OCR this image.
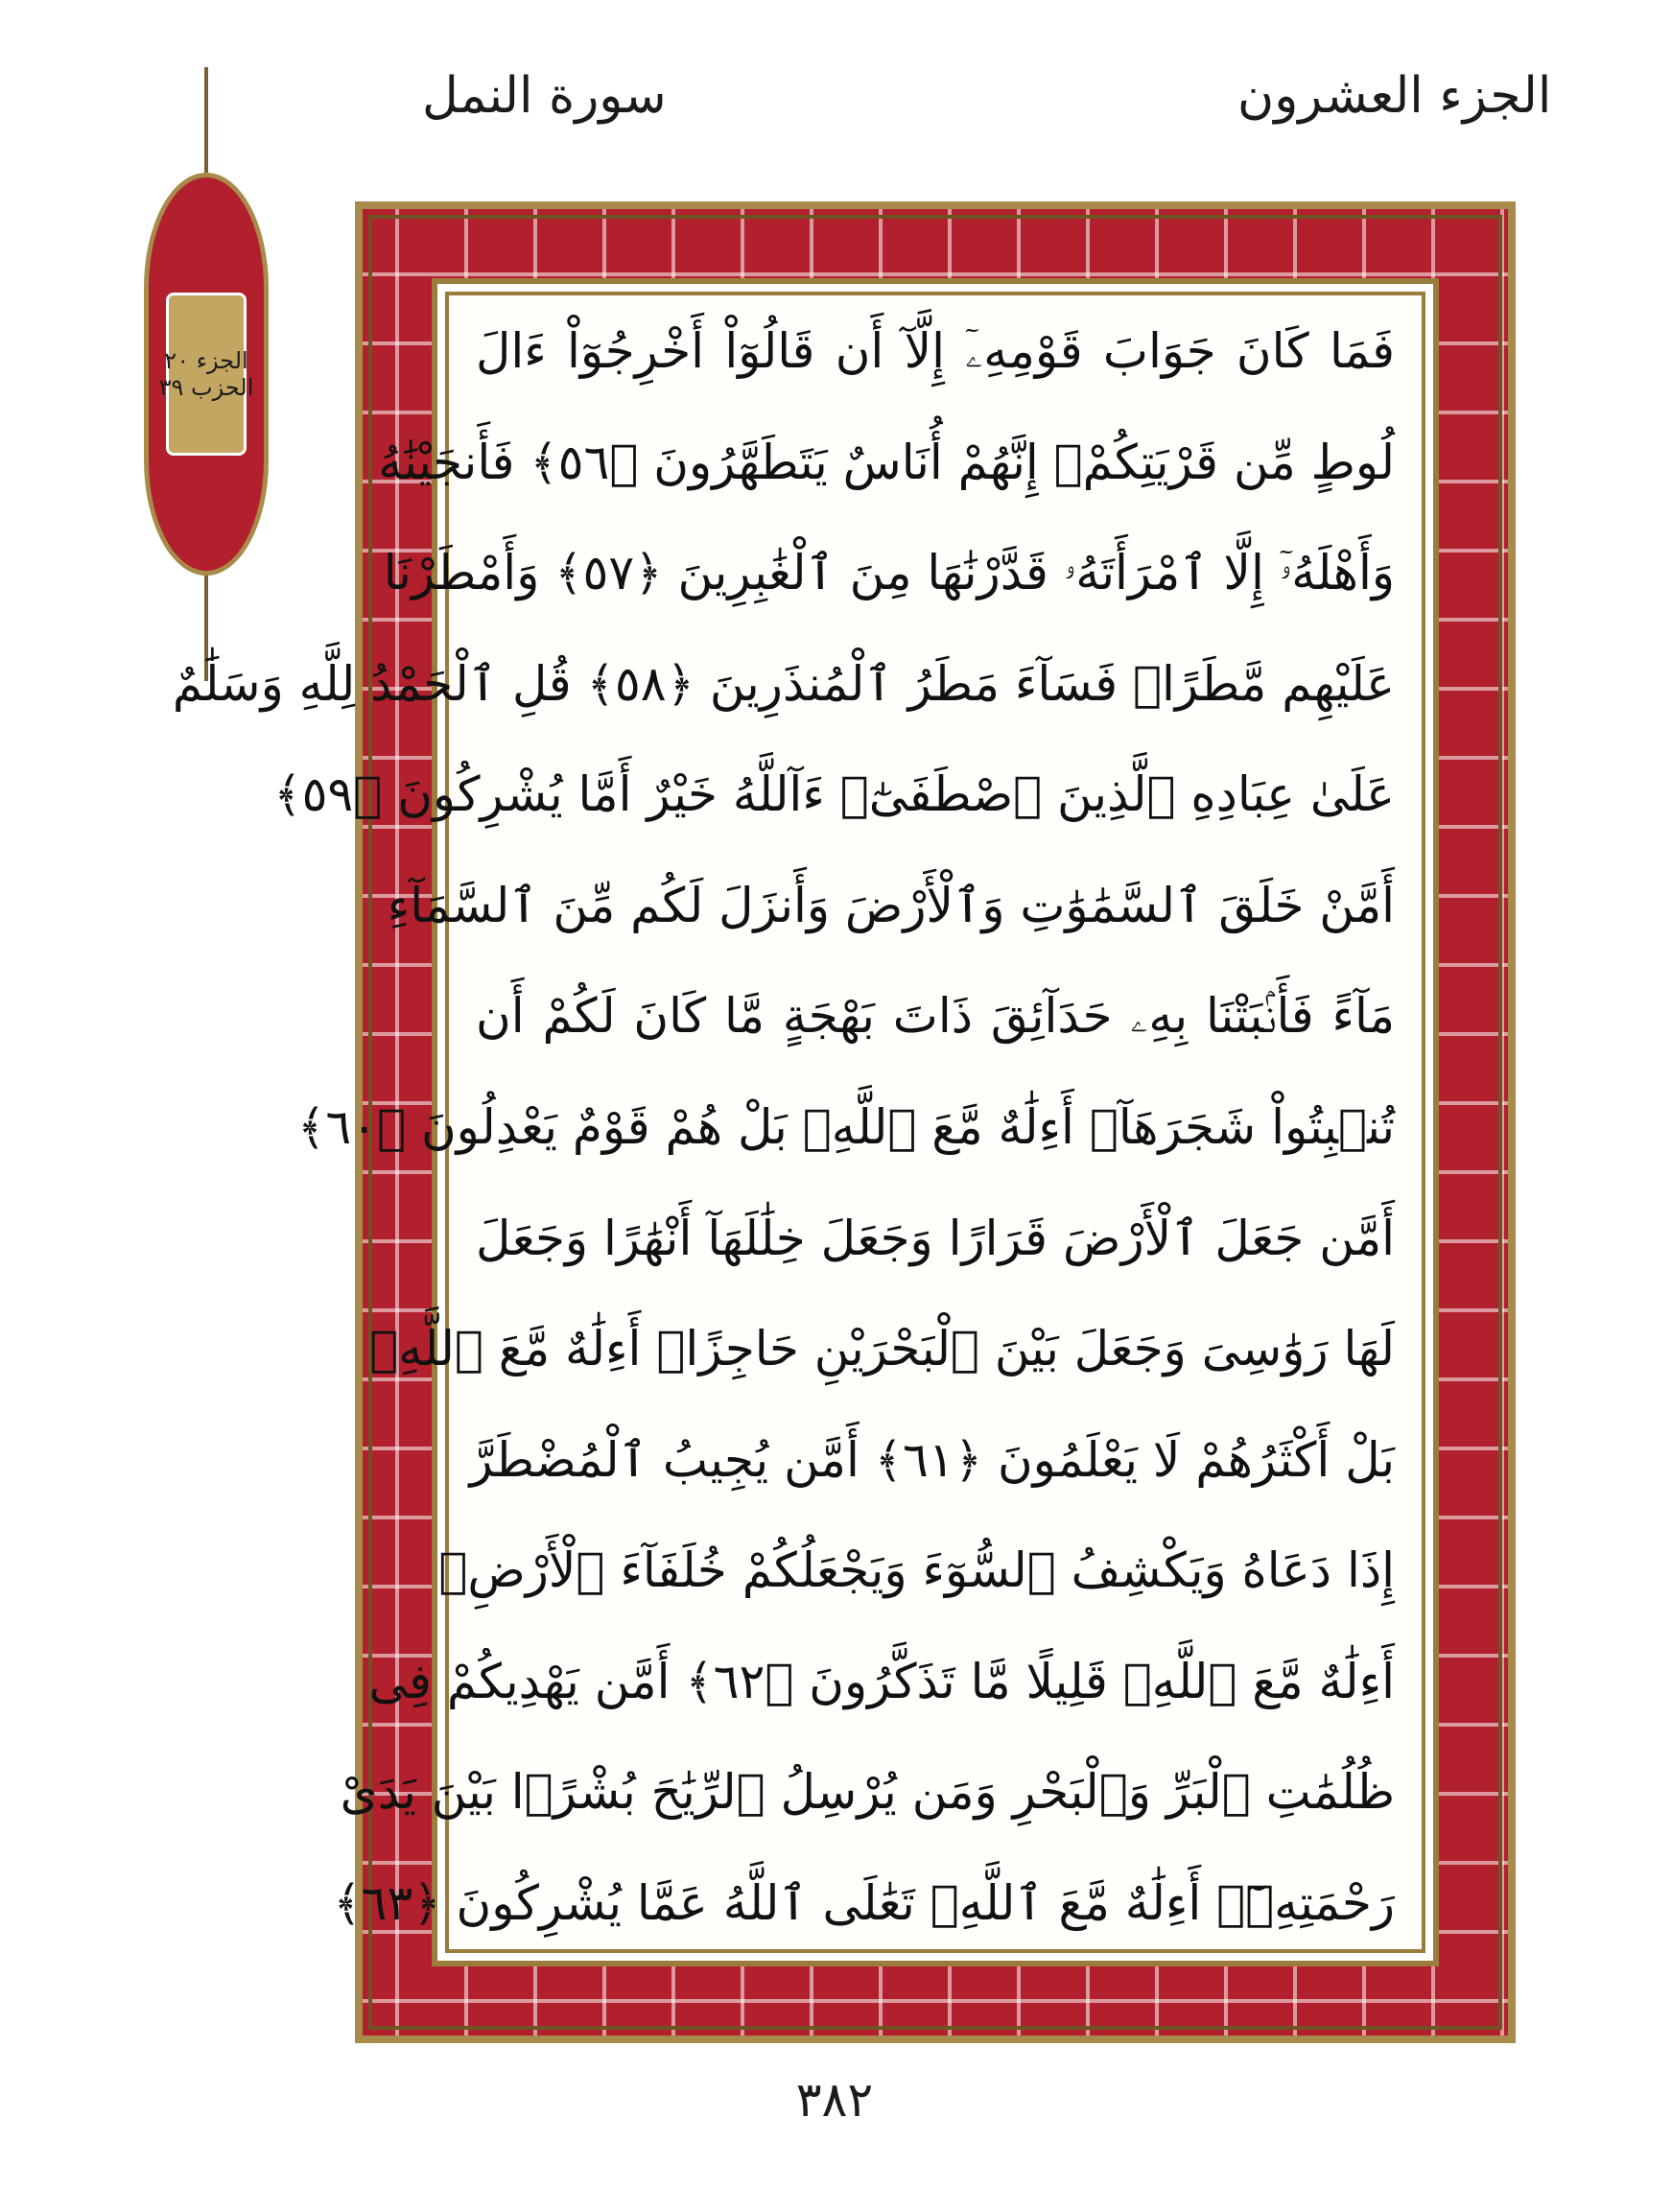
الجزء العشرون
سورة النمل
الجزء ٢٠
الحزب ٣٩
فَمَا كَانَ جَوَابَ قَوْمِهِۦٓ إِلَّآ أَن قَالُوٓاْ أَخْرِجُوٓاْ ءَالَ
لُوطٍ مِّن قَرْيَتِكُمْۖ إِنَّهُمْ أُنَاسٌ يَتَطَهَّرُونَ ﴿٥٦﴾ فَأَنجَيْنَٰهُ
وَأَهْلَهُۥٓ إِلَّا ٱمْرَأَتَهُۥ قَدَّرْنَٰهَا مِنَ ٱلْغَٰبِرِينَ ﴿٥٧﴾ وَأَمْطَرْنَا
عَلَيْهِم مَّطَرًاۖ فَسَآءَ مَطَرُ ٱلْمُنذَرِينَ ﴿٥٨﴾ قُلِ ٱلْحَمْدُ لِلَّهِ وَسَلَٰمٌ
عَلَىٰ عِبَادِهِ ٱلَّذِينَ ٱصْطَفَىٰٓۗ ءَآللَّهُ خَيْرٌ أَمَّا يُشْرِكُونَ ﴿٥٩﴾
أَمَّنْ خَلَقَ ٱلسَّمَٰوَٰتِ وَٱلْأَرْضَ وَأَنزَلَ لَكُم مِّنَ ٱلسَّمَآءِ
مَآءً فَأَنۢبَتْنَا بِهِۦ حَدَآئِقَ ذَاتَ بَهْجَةٍ مَّا كَانَ لَكُمْ أَن
تُنۢبِتُواْ شَجَرَهَآۗ أَءِلَٰهٌ مَّعَ ٱللَّهِۚ بَلْ هُمْ قَوْمٌ يَعْدِلُونَ ﴿٦٠﴾
أَمَّن جَعَلَ ٱلْأَرْضَ قَرَارًا وَجَعَلَ خِلَٰلَهَآ أَنْهَٰرًا وَجَعَلَ
لَهَا رَوَٰسِىَ وَجَعَلَ بَيْنَ ٱلْبَحْرَيْنِ حَاجِزًاۗ أَءِلَٰهٌ مَّعَ ٱللَّهِۚ
بَلْ أَكْثَرُهُمْ لَا يَعْلَمُونَ ﴿٦١﴾ أَمَّن يُجِيبُ ٱلْمُضْطَرَّ
إِذَا دَعَاهُ وَيَكْشِفُ ٱلسُّوٓءَ وَيَجْعَلُكُمْ خُلَفَآءَ ٱلْأَرْضِۗ
أَءِلَٰهٌ مَّعَ ٱللَّهِۚ قَلِيلًا مَّا تَذَكَّرُونَ ﴿٦٢﴾ أَمَّن يَهْدِيكُمْ فِى
ظُلُمَٰتِ ٱلْبَرِّ وَٱلْبَحْرِ وَمَن يُرْسِلُ ٱلرِّيَٰحَ بُشْرًۢا بَيْنَ يَدَىْ
رَحْمَتِهِۦٓۗ أَءِلَٰهٌ مَّعَ ٱللَّهِۚ تَعَٰلَى ٱللَّهُ عَمَّا يُشْرِكُونَ ﴿٦٣﴾
٣٨٢
